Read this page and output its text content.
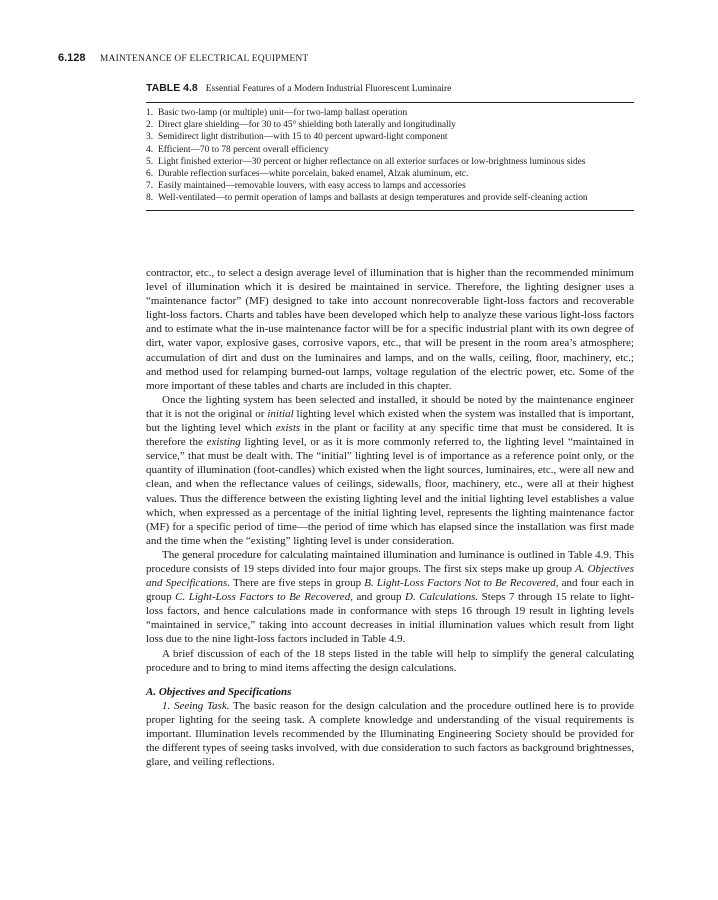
6.128 MAINTENANCE OF ELECTRICAL EQUIPMENT
TABLE 4.8 Essential Features of a Modern Industrial Fluorescent Luminaire
1. Basic two-lamp (or multiple) unit—for two-lamp ballast operation
2. Direct glare shielding—for 30 to 45° shielding both laterally and longitudinally
3. Semidirect light distribution—with 15 to 40 percent upward-light component
4. Efficient—70 to 78 percent overall efficiency
5. Light finished exterior—30 percent or higher reflectance on all exterior surfaces or low-brightness luminous sides
6. Durable reflection surfaces—white porcelain, baked enamel, Alzak aluminum, etc.
7. Easily maintained—removable louvers, with easy access to lamps and accessories
8. Well-ventilated—to permit operation of lamps and ballasts at design temperatures and provide self-cleaning action

contractor, etc., to select a design average level of illumination that is higher than the recommended minimum level of illumination which it is desired be maintained in service. Therefore, the lighting designer uses a “maintenance factor” (MF) designed to take into account nonrecoverable light-loss factors and recoverable light-loss factors. Charts and tables have been developed which help to analyze these various light-loss factors and to estimate what the in-use maintenance factor will be for a specific industrial plant with its own degree of dirt, water vapor, explosive gases, corrosive vapors, etc., that will be present in the room area’s atmosphere; accumulation of dirt and dust on the luminaires and lamps, and on the walls, ceiling, floor, machinery, etc.; and method used for relamping burned-out lamps, voltage regulation of the electric power, etc. Some of the more important of these tables and charts are included in this chapter.

Once the lighting system has been selected and installed, it should be noted by the maintenance engineer that it is not the original or initial lighting level which existed when the system was installed that is important, but the lighting level which exists in the plant or facility at any specific time that must be considered. It is therefore the existing lighting level, or as it is more commonly referred to, the lighting level “maintained in service,” that must be dealt with. The “initial” lighting level is of importance as a reference point only, or the quantity of illumination (foot-candles) which existed when the light sources, luminaires, etc., were all new and clean, and when the reflectance values of ceilings, sidewalls, floor, machinery, etc., were all at their highest values. Thus the difference between the existing lighting level and the initial lighting level establishes a value which, when expressed as a percentage of the initial lighting level, represents the lighting maintenance factor (MF) for a specific period of time—the period of time which has elapsed since the installation was first made and the time when the “existing” lighting level is under consideration.

The general procedure for calculating maintained illumination and luminance is outlined in Table 4.9. This procedure consists of 19 steps divided into four major groups. The first six steps make up group A. Objectives and Specifications. There are five steps in group B. Light-Loss Factors Not to Be Recovered, and four each in group C. Light-Loss Factors to Be Recovered, and group D. Calculations. Steps 7 through 15 relate to light-loss factors, and hence calculations made in conformance with steps 16 through 19 result in lighting levels “maintained in service,” taking into account decreases in initial illumination values which result from light loss due to the nine light-loss factors included in Table 4.9.

A brief discussion of each of the 18 steps listed in the table will help to simplify the general calculating procedure and to bring to mind items affecting the design calculations.

A. Objectives and Specifications

1. Seeing Task. The basic reason for the design calculation and the procedure outlined here is to provide proper lighting for the seeing task. A complete knowledge and understanding of the visual requirements is important. Illumination levels recommended by the Illuminating Engineering Society should be provided for the different types of seeing tasks involved, with due consideration to such factors as background brightnesses, glare, and veiling reflections.
